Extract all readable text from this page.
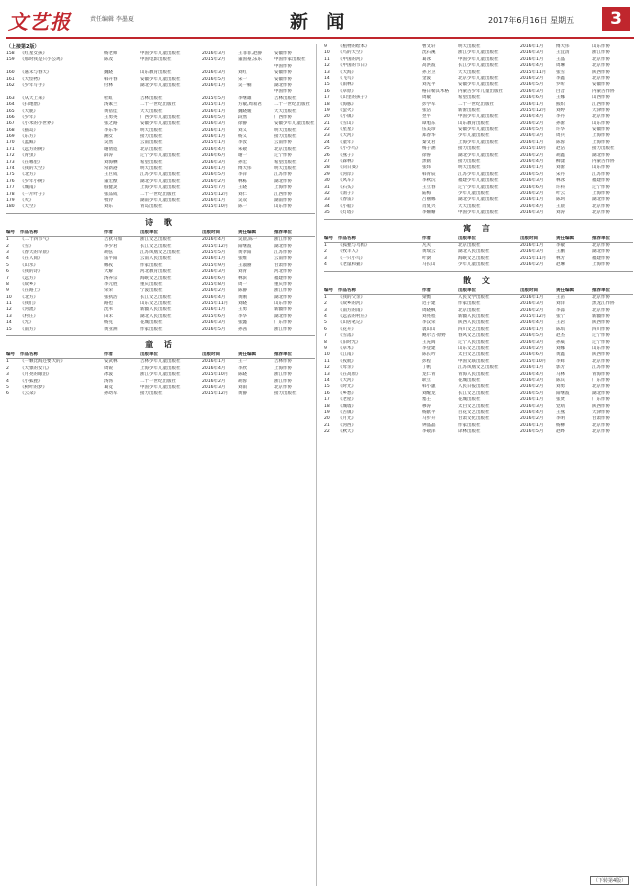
文艺报	责任编辑 李墨夏	新 闻	2017年6月16日 星期五	3
（上接第2版）
158	《红星女孩》	杨老师	中国少年儿童出版社	2016年3月	王菲菲,赵静	安徽作协
159	《那时我是只小公鸡》	陈茂	中国电影出版社	2015年2月	董国豪,乐乐	中国作家出版社
中国作协
160	《嘉禾与春天》	魏晓	山东教育出版社	2016年3月	刘红	安徽作协
161	《大怪物》	韩开春	安徽少年儿童出版社	2016年5月	宋一	安徽作协
162	《少年写手》	付林	湖北少年儿童出版社	2016年1月	吴一楠	湖北作协
中国作协
163	《从天上来》	杜虹	吉林出版社	2015年5月	李继雄	吉林出版社
164	《扫地僧》	汤素兰	二十一世纪出版社	2015年1月	方敏,周易君	二十一世纪出版社
165	《大鹿》	黄蓓佳	天天出版社	2016年1月	魏晓媛	天天出版社
166	《少年》	王勇英	广西少年儿童出版社	2016年5月	段然	广西作协
167	《小米的小世界》	张之路	安徽少年儿童出版社	2016年3月	徐静	安徽少年儿童出版社
168	《猫岛》	李东华	明天出版社	2016年1月	刘义	明天出版社
169	《东方》	湘女	接力出版社	2016年1月	杨义	接力出版社
170	《蓝鲸》	吴然	云南出版社	2015年1月	李汝	云南作协
171	《远方的树》	谢倩霓	北京出版社	2016年4月	朱敬	北京出版社
172	《青虫》	薛涛	辽宁少年儿童出版社	2016年6月	谢一	辽宁作协
173	《在哪里》	刘海栖	希望出版社	2016年3月	孙宏	希望出版社
174	《我的天空》	常新港	明天出版社	2016年1月	傅大伟	明天出版社
175	《北方》	王巨成	江苏少年儿童出版社	2016年5月	李萍	江苏作协
176	《少年小树》	董宏猷	湖北少年儿童出版社	2016年2月	林栋	湖北作协
177	《城南》	殷健灵	上海少年儿童出版社	2015年7月	王晓	上海作协
178	《一片叶子》	张品成	二十一世纪出版社	2015年12月	刘仁	江西作协
179	《火》	牧铃	湖南少年儿童出版社	2016年1月	吴双	湖南作协
180	《天空》	刘东	青岛出版社	2015年10月	陈一	山东作协
诗 歌
编号	作品名称	作者	出版单位	出版时间	责任编辑	推荐单位
1	《二十四节气》	吉狄马加	浙江文艺出版社	2016年4月	吴晨,陈一	浙江作协
2	《雪》	李少君	长江文艺出版社	2015年12月	阳继波	湖北作协
3	《春天的早晨》	胡弦	江苏凤凰文艺出版社	2015年5月	黄孝阳	江苏作协
4	《在人间》	雷平阳	云南人民出版社	2016年1月	张维	云南作协
5	《山水》	娜夜	作家出版社	2015年9月	王淑丽	甘肃作协
6	《我的诗》	大解	河北教育出版社	2016年3月	刘青	河北作协
7	《远方》	汤养宗	海峡文艺出版社	2016年6月	林滨	福建作协
8	《故乡》	李元胜	重庆出版社	2015年8月	周一	重庆作协
9	《在路上》	荣荣	宁波出版社	2016年2月	陈静	浙江作协
10	《北方》	张执浩	长江文艺出版社	2016年4月	黄刚	湖北作协
11	《我们》	路也	山东文艺出版社	2015年11月	刘晓	山东作协
12	《河流》	沈苇	新疆人民出版社	2016年1月	王勇	新疆作协
13	《村庄》	田禾	湖北人民出版社	2015年6月	李华	湖北作协
14	《光》	杨克	花城出版社	2016年3月	张懿	广东作协
15	《南方》	黄亚洲	作家出版社	2016年5月	孙茜	浙江作协
童 话
编号	作品名称	作者	出版单位	出版时间	责任编辑	推荐单位
1	《一颗比海还要大的》	安武林	吉林少年儿童出版社	2016年1月	王一	吉林作协
2	《大象的女儿》	周锐	上海少年儿童出版社	2016年4月	李欣	上海作协
3	《月亮的眼泪》	冰波	浙江少年儿童出版社	2015年10月	陈晓	浙江作协
4	《小狐狸》	汤汤	二十一世纪出版社	2016年2月	胡蓉	浙江作协
5	《树叶的梦》	葛竞	中国少年儿童出版社	2016年3月	刘雨	北京作协
6	《云朵》	孙幼军	接力出版社	2015年12月	黄静	接力出版社
9	《植物的绘本》	曹文轩	明天出版社	2016年1月	傅大伟	山东作协
10	《鸟的天空》	沈石溪	浙江少年儿童出版社	2016年3月	王宜清	浙江作协
11	《中国的河》	葛冰	中国少年儿童出版社	2016年1月	王晶	北京作协
12	《中国的节日》	高洪波	长江少年儿童出版社	2016年4月	周琳	北京作协
13	《大海》	孙卫卫	天天出版社	2015年11月	张雪	陕西作协
14	《飞鸟》	金波	北京少年儿童出版社	2016年2月	李鑫	北京作协
15	《雨林》	刘先平	安徽少年儿童出版社	2016年5月	罗昕	安徽作协
16	《草原》	格日勒其木格	内蒙古少年儿童出版社	2016年3月	白音	内蒙古作协
17	《山里的孩子》	周敏	希望出版社	2016年6月	王娜	山西作协
18	《海豚》	彭学军	二十一世纪出版社	2016年1月	熊炽	江西作协
19	《萤火》	张洁	新蕾出版社	2015年12月	刘婷	天津作协
20	《小镇》	翌平	中国少年儿童出版社	2016年4月	李丹	北京作协
21	《雪山》	谭旭东	山东教育出版社	2016年2月	孙蕾	山东作协
22	《星星》	伍美珍	安徽少年儿童出版社	2016年5月	许华	安徽作协
23	《大河》	郑春华	少年儿童出版社	2016年3月	周兵	上海作协
24	《童年》	秦文君	上海少年儿童出版社	2016年1月	陈蓉	上海作协
25	《小小鸟》	梅子涵	接力出版社	2015年10月	赵洁	接力出版社
26	《燕子》	徐鲁	湖北少年儿童出版社	2016年2月	胡鑫	湖北作协
27	《森林》	黑鹤	接力出版社	2016年4月	柳漾	内蒙古作协
28	《向日葵》	张炜	明天出版社	2016年1月	刘蕾	山东作协
29	《河岸》	韩青辰	江苏少年儿童出版社	2016年5月	宋丹	江苏作协
30	《风车》	李秋沅	福建少年儿童出版社	2016年3月	林冰	福建作协
31	《石头》	王立春	辽宁少年儿童出版社	2016年6月	许科	辽宁作协
32	《鸽子》	陆梅	少年儿童出版社	2016年2月	叶云	上海作协
33	《春雷》	吕丽娜	湖北少年儿童出版社	2016年1月	陈珂	湖北作协
34	《小船》	肖复兴	天天出版社	2016年4月	王晨	北京作协
35	《灯塔》	李姗姗	中国少年儿童出版社	2016年3月	刘涛	北京作协
寓 言
编号	作品名称	作者	出版单位	出版时间	责任编辑	推荐单位
1	《狐狸与乌鸦》	凡夫	北京出版社	2016年1月	李敏	北京作协
2	《牧羊人》	黄瑞云	湖北人民出版社	2016年3月	王鹏	湖北作协
3	《一只小鸟》	叶澍	海峡文艺出版社	2015年11月	林芳	福建作协
4	《老鼠和猫》	马长山	少年儿童出版社	2016年2月	赵琳	上海作协
散 文
编号	作品名称	作者	出版单位	出版时间	责任编辑	推荐单位
1	《我的父亲》	梁衡	人民文学出版社	2016年1月	王苗	北京作协
2	《故乡的河》	迟子建	作家出版社	2016年3月	刘洋	黑龙江作协
3	《南方的雨》	周晓枫	北京出版社	2016年2月	李淼	北京作协
4	《远去的村庄》	刘亮程	新疆人民出版社	2015年12月	张宁	新疆作协
5	《山居笔记》	李汉荣	陕西人民出版社	2016年4月	王岩	陕西作协
6	《花开》	裘山山	四川文艺出版社	2016年1月	陈琪	四川作协
7	《雪落》	鲍尔吉·原野	春风文艺出版社	2016年5月	赵杰	辽宁作协
8	《旧时光》	王充闾	辽宁人民出版社	2016年3月	孙威	辽宁作协
9	《草木》	李登建	山东文艺出版社	2016年2月	刘娜	山东作协
10	《江南》	陈长吟	太白文艺出版社	2016年6月	黄鑫	陕西作协
11	《夜航》	彭程	中国文联出版社	2015年10月	李辉	北京作协
12	《母亲》	丁帆	江苏凤凰文艺出版社	2016年1月	郭芳	江苏作协
13	《在高原》	龙仁青	青海人民出版社	2016年4月	马林	青海作协
14	《大河》	耿立	花城出版社	2016年3月	陈宾	广东作协
15	《时光》	韩小蕙	人民日报出版社	2016年2月	刘勇	北京作协
16	《乡愁》	刘醒龙	长江文艺出版社	2016年5月	阳继波	湖北作协
17	《老屋》	塞壬	花城出版社	2016年1月	张贤	广东作协
18	《城墙》	穆涛	太白文艺出版社	2016年3月	党靖	陕西作协
19	《古镇》	杨献平	百花文艺出版社	2016年4月	王燕	天津作协
20	《月光》	马步升	甘肃文化出版社	2016年2月	李明	甘肃作协
21	《河西》	钟晶晶	作家出版社	2016年1月	杨柳	北京作协
22	《秋天》	李敬泽	译林出版社	2016年5月	赵晔	北京作协
（下转第4版）
